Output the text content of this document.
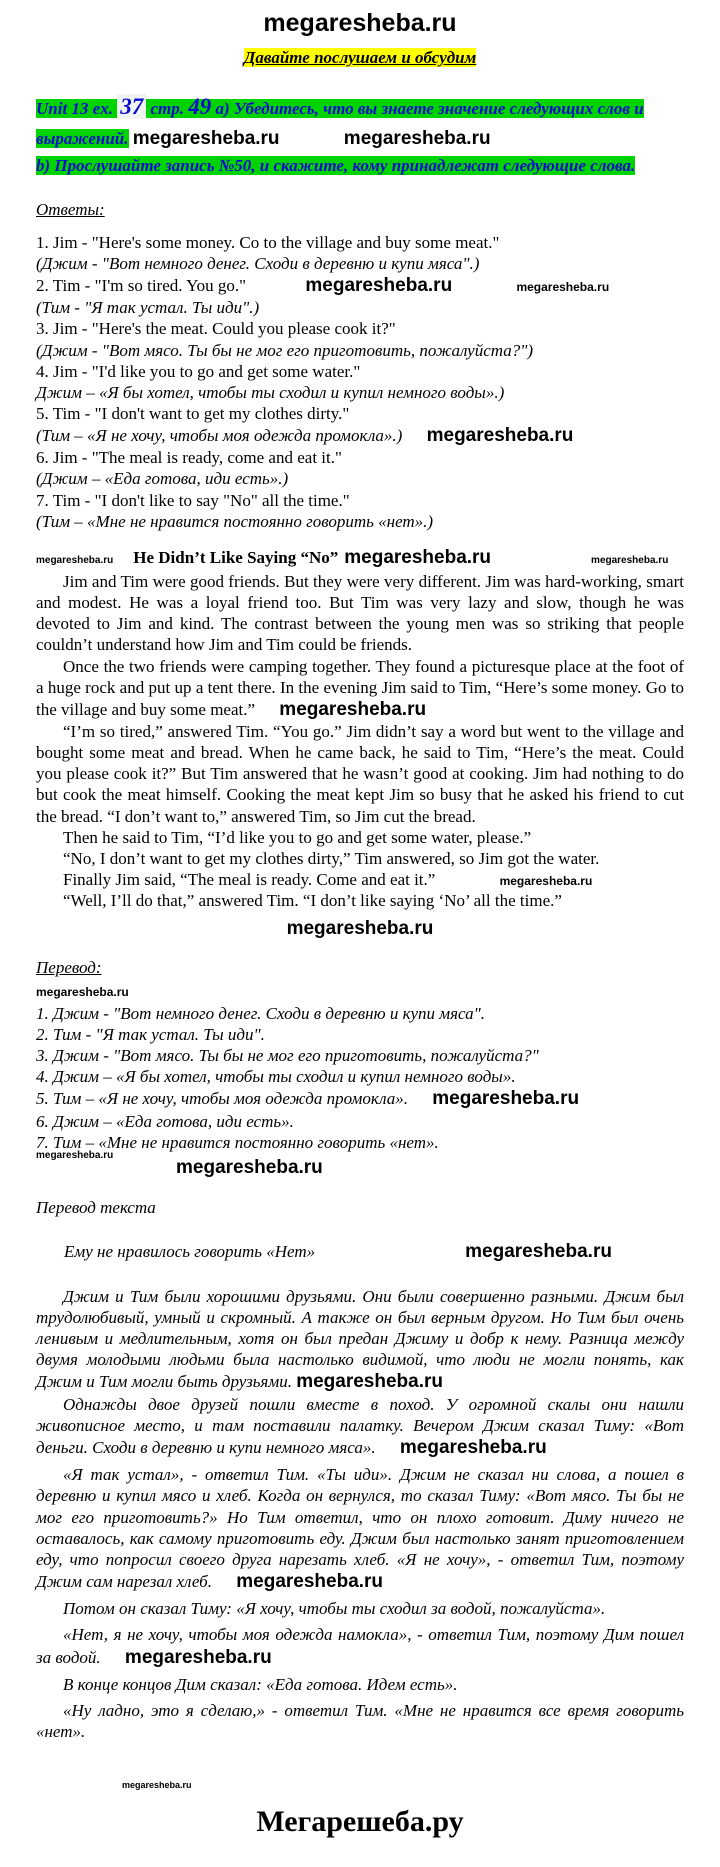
megaresheba.ru
Давайте послушаем и обсудим
Unit 13 ex. 37 стр. 49 a) Убедитесь, что вы знаете значение следующих слов и выражений. megaresheba.ru	megaresheba.ru
b) Прослушайте запись №50, и скажите, кому принадлежат следующие слова.
Ответы:
1. Jim - "Here's some money. Co to the village and buy some meat."
(Джим - "Вот немного денег. Сходи в деревню и купи мяса".)
2. Tim - "I'm so tired. You go."	megaresheba.ru	megaresheba.ru
(Тим - "Я так устал. Ты иди".)
3. Jim - "Here's the meat. Could you please cook it?"
(Джим - "Вот мясо. Ты бы не мог его приготовить, пожалуйста?")
4. Jim - "I'd like you to go and get some water."
Джим – «Я бы хотел, чтобы ты сходил и купил немного воды».)
5. Tim - "I don't want to get my clothes dirty."
(Тим – «Я не хочу, чтобы моя одежда промокла».) megaresheba.ru
6. Jim - "The meal is ready, come and eat it."
(Джим – «Еда готова, иди есть».)
7. Tim - "I don't like to say "No" all the time."
(Тим – «Мне не нравится постоянно говорить «нет».)
megaresheba.ru He Didn’t Like Saying “No” megaresheba.ru	megaresheba.ru

Jim and Tim were good friends. But they were very different. Jim was hard-working, smart and modest. He was a loyal friend too. But Tim was very lazy and slow, though he was devoted to Jim and kind. The contrast between the young men was so striking that people couldn’t understand how Jim and Tim could be friends.

Once the two friends were camping together. They found a picturesque place at the foot of a huge rock and put up a tent there. In the evening Jim said to Tim, “Here’s some money. Go to the village and buy some meat.” megaresheba.ru

“I’m so tired,” answered Tim. “You go.” Jim didn’t say a word but went to the village and bought some meat and bread. When he came back, he said to Tim, “Here’s the meat. Could you please cook it?” But Tim answered that he wasn’t good at cooking. Jim had nothing to do but cook the meat himself. Cooking the meat kept Jim so busy that he asked his friend to cut the bread. “I don’t want to,” answered Tim, so Jim cut the bread.

Then he said to Tim, “I’d like you to go and get some water, please.”

“No, I don’t want to get my clothes dirty,” Tim answered, so Jim got the water.

Finally Jim said, “The meal is ready. Come and eat it.”	megaresheba.ru

“Well, I’ll do that,” answered Tim. “I don’t like saying ‘No’ all the time.”

megaresheba.ru
Перевод:
megaresheba.ru
1. Джим - "Вот немного денег. Сходи в деревню и купи мяса".
2. Тим - "Я так устал. Ты иди".
3. Джим - "Вот мясо. Ты бы не мог его приготовить, пожалуйста?"
4. Джим – «Я бы хотел, чтобы ты сходил и купил немного воды».
5. Тим – «Я не хочу, чтобы моя одежда промокла». megaresheba.ru
6. Джим – «Еда готова, иди есть».
7. Тим – «Мне не нравится постоянно говорить «нет».
megaresheba.ru
Перевод текста
Ему не нравилось говорить «Нет»	megaresheba.ru
megaresheba.ru

Джим и Тим были хорошими друзьями. Они были совершенно разными. Джим был трудолюбивый, умный и скромный. А также он был верным другом. Но Тим был очень ленивым и медлительным, хотя он был предан Джиму и добр к нему. Разница между двумя молодыми людьми была настолько видимой, что люди не могли понять, как Джим и Тим могли быть друзьями. megaresheba.ru

Однажды двое друзей пошли вместе в поход. У огромной скалы они нашли живописное место, и там поставили палатку. Вечером Джим сказал Тиму: «Вот деньги. Сходи в деревню и купи немного мяса». megaresheba.ru

«Я так устал», - ответил Тим. «Ты иди». Джим не сказал ни слова, а пошел в деревню и купил мясо и хлеб. Когда он вернулся, то сказал Тиму: «Вот мясо. Ты бы не мог его приготовить?» Но Тим ответил, что он плохо готовит. Диму ничего не оставалось, как самому приготовить еду. Джим был настолько занят приготовлением еду, что попросил своего друга нарезать хлеб. «Я не хочу», - ответил Тим, поэтому Джим сам нарезал хлеб. megaresheba.ru

Потом он сказал Тиму: «Я хочу, чтобы ты сходил за водой, пожалуйста».

«Нет, я не хочу, чтобы моя одежда намокла», - ответил Тим, поэтому Дим пошел за водой. megaresheba.ru

В конце концов Дим сказал: «Еда готова. Идем есть».

«Ну ладно, это я сделаю,» - ответил Тим. «Мне не нравится все время говорить «нет».

megaresheba.ru
Мегарешеба.ру
